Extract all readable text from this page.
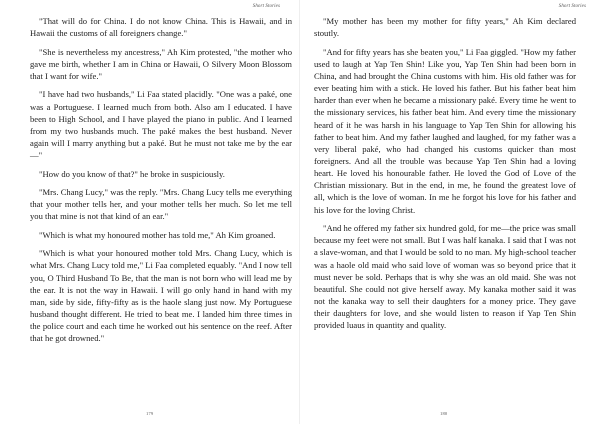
Short Stories

"That will do for China. I do not know China. This is Hawaii, and in Hawaii the customs of all foreigners change."

"She is nevertheless my ancestress," Ah Kim protested, "the mother who gave me birth, whether I am in China or Hawaii, O Silvery Moon Blossom that I want for wife."

"I have had two husbands," Li Faa stated placidly. "One was a paké, one was a Portuguese. I learned much from both. Also am I educated. I have been to High School, and I have played the piano in public. And I learned from my two husbands much. The paké makes the best husband. Never again will I marry anything but a paké. But he must not take me by the ear—"

"How do you know of that?" he broke in suspiciously.

"Mrs. Chang Lucy," was the reply. "Mrs. Chang Lucy tells me everything that your mother tells her, and your mother tells her much. So let me tell you that mine is not that kind of an ear."

"Which is what my honoured mother has told me," Ah Kim groaned.

"Which is what your honoured mother told Mrs. Chang Lucy, which is what Mrs. Chang Lucy told me," Li Faa completed equably. "And I now tell you, O Third Husband To Be, that the man is not born who will lead me by the ear. It is not the way in Hawaii. I will go only hand in hand with my man, side by side, fifty-fifty as is the haole slang just now. My Portuguese husband thought different. He tried to beat me. I landed him three times in the police court and each time he worked out his sentence on the reef. After that he got drowned."

179
Short Stories

"My mother has been my mother for fifty years," Ah Kim declared stoutly.

"And for fifty years has she beaten you," Li Faa giggled. "How my father used to laugh at Yap Ten Shin! Like you, Yap Ten Shin had been born in China, and had brought the China customs with him. His old father was for ever beating him with a stick. He loved his father. But his father beat him harder than ever when he became a missionary paké. Every time he went to the missionary services, his father beat him. And every time the missionary heard of it he was harsh in his language to Yap Ten Shin for allowing his father to beat him. And my father laughed and laughed, for my father was a very liberal paké, who had changed his customs quicker than most foreigners. And all the trouble was because Yap Ten Shin had a loving heart. He loved his honourable father. He loved the God of Love of the Christian missionary. But in the end, in me, he found the greatest love of all, which is the love of woman. In me he forgot his love for his father and his love for the loving Christ.

"And he offered my father six hundred gold, for me—the price was small because my feet were not small. But I was half kanaka. I said that I was not a slave-woman, and that I would be sold to no man. My high-school teacher was a haole old maid who said love of woman was so beyond price that it must never be sold. Perhaps that is why she was an old maid. She was not beautiful. She could not give herself away. My kanaka mother said it was not the kanaka way to sell their daughters for a money price. They gave their daughters for love, and she would listen to reason if Yap Ten Shin provided luaus in quantity and quality.

180
